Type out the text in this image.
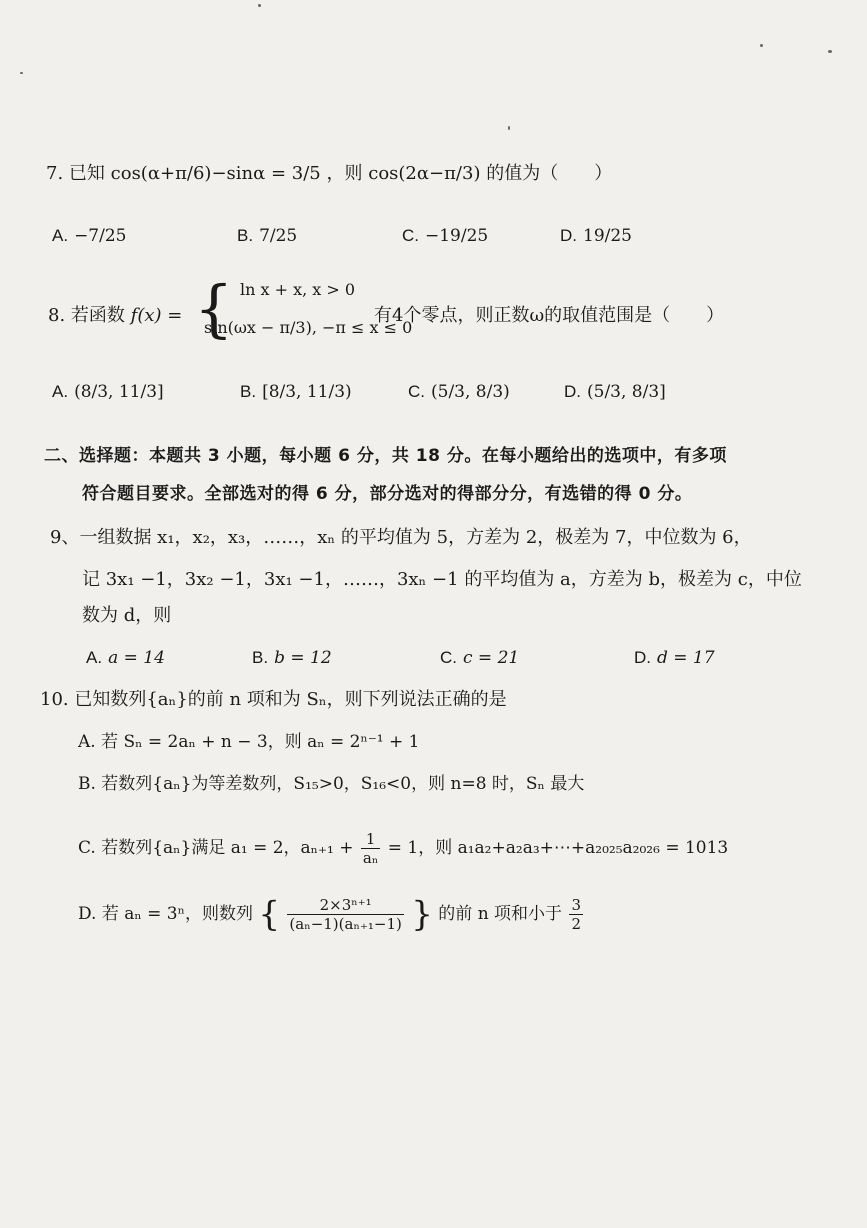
7. 已知 cos(α+π/6)−sinα = 3/5 ，则 cos(2α−π/3) 的值为（　　）
A. −7/25	B. 7/25	C. −19/25	D. 19/25
8. 若函数 f(x) = { ln x + x, x > 0
sin(ωx − π/3), −π ≤ x ≤ 0
有4个零点，则正数ω的取值范围是（　　）
A. (8/3, 11/3]	B. [8/3, 11/3)	C. (5/3, 8/3)	D. (5/3, 8/3]
二、选择题：本题共 3 小题，每小题 6 分，共 18 分。在每小题给出的选项中，有多项
符合题目要求。全部选对的得 6 分，部分选对的得部分分，有选错的得 0 分。
9、一组数据 x₁，x₂，x₃，……，xₙ 的平均值为 5，方差为 2，极差为 7，中位数为 6，
记 3x₁ −1，3x₂ −1，3x₁ −1，……，3xₙ −1 的平均值为 a，方差为 b，极差为 c，中位
数为 d，则
A. a = 14	B. b = 12	C. c = 21	D. d = 17
10. 已知数列{aₙ}的前 n 项和为 Sₙ，则下列说法正确的是
A. 若 Sₙ = 2aₙ + n − 3，则 aₙ = 2ⁿ⁻¹ + 1
B. 若数列{aₙ}为等差数列，S₁₅>0，S₁₆<0，则 n=8 时，Sₙ 最大
C. 若数列{aₙ}满足 a₁ = 2，$a_{n+1} + \frac{1}{\text{aₙ}} = 1$，则 a₁a₂+a₂a₃+⋯+a₂₀₂₅a₂₀₂₆ = 1013
D. 若 aₙ = 3ⁿ，则数列 { $\frac{\text{2×3ⁿ⁺¹}}{\text{(aₙ−1)(aₙ₊₁−1)}}$ } 的前 n 项和小于 $\frac{3}{2}$
